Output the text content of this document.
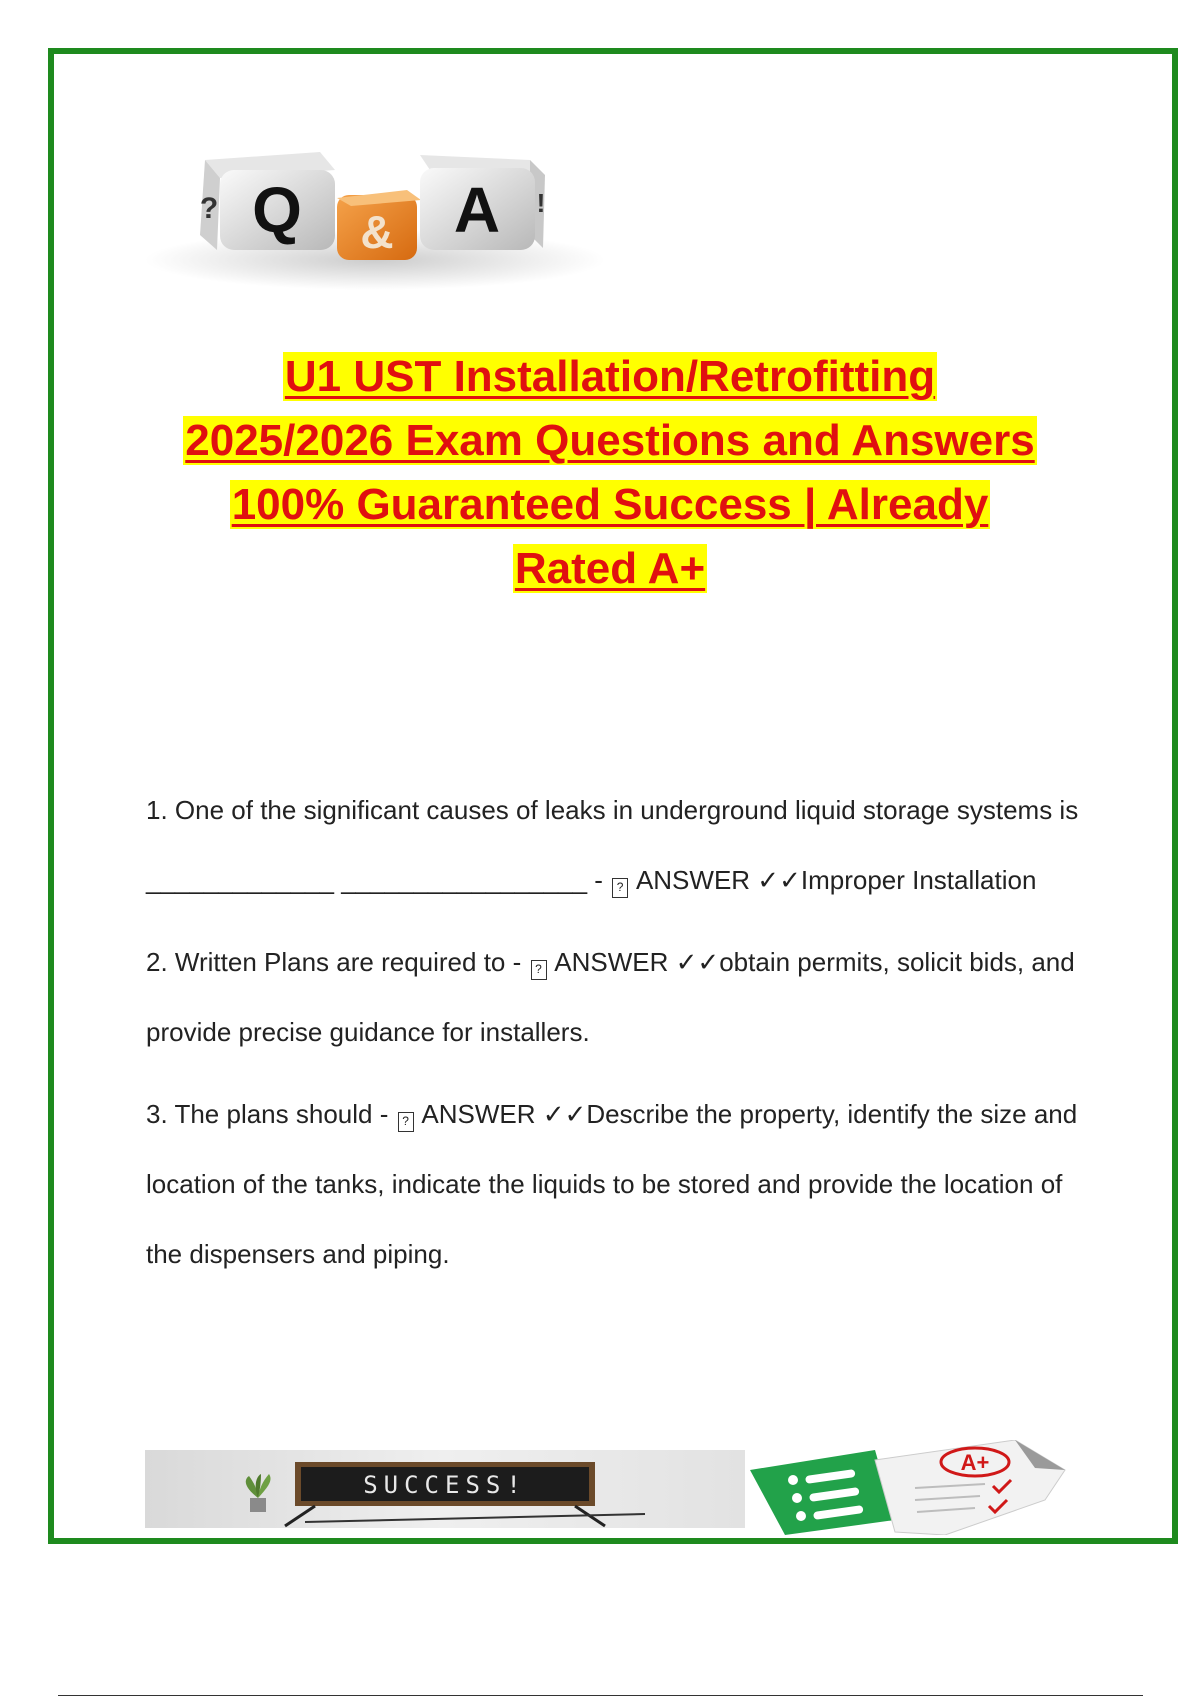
Q
?	& A !
U1 UST Installation/Retrofitting
2025/2026 Exam Questions and Answers
100% Guaranteed Success | Already
Rated A+
1. One of the significant causes of leaks in underground liquid storage systems is _____________ _________________ - ? ANSWER ✓✓Improper Installation
2. Written Plans are required to - ? ANSWER ✓✓obtain permits, solicit bids, and provide precise guidance for installers.
3. The plans should - ? ANSWER ✓✓Describe the property, identify the size and location of the tanks, indicate the liquids to be stored and provide the location of the dispensers and piping.
SUCCESS!
A+
